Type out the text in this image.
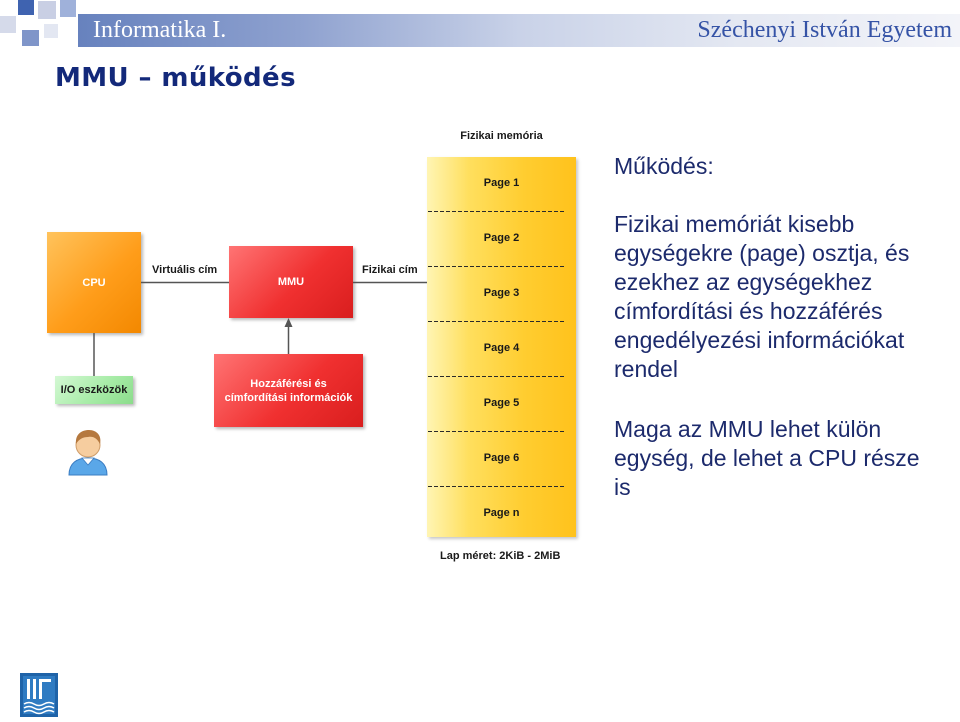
Informatika I.	Széchenyi István Egyetem
MMU – működés
Fizikai memória
Page 1
Page 2
Page 3
Page 4
Page 5
Page 6
Page n
Lap méret: 2KiB - 2MiB
CPU
Virtuális cím
MMU
Fizikai cím
Hozzáférési és
címfordítási információk
I/O eszközök
Működés:
Fizikai memóriát kisebb
egységekre (page) osztja, és
ezekhez az egységekhez
címfordítási és hozzáférés
engedélyezési információkat
rendel
Maga az MMU lehet külön
egység, de lehet a CPU része
is
